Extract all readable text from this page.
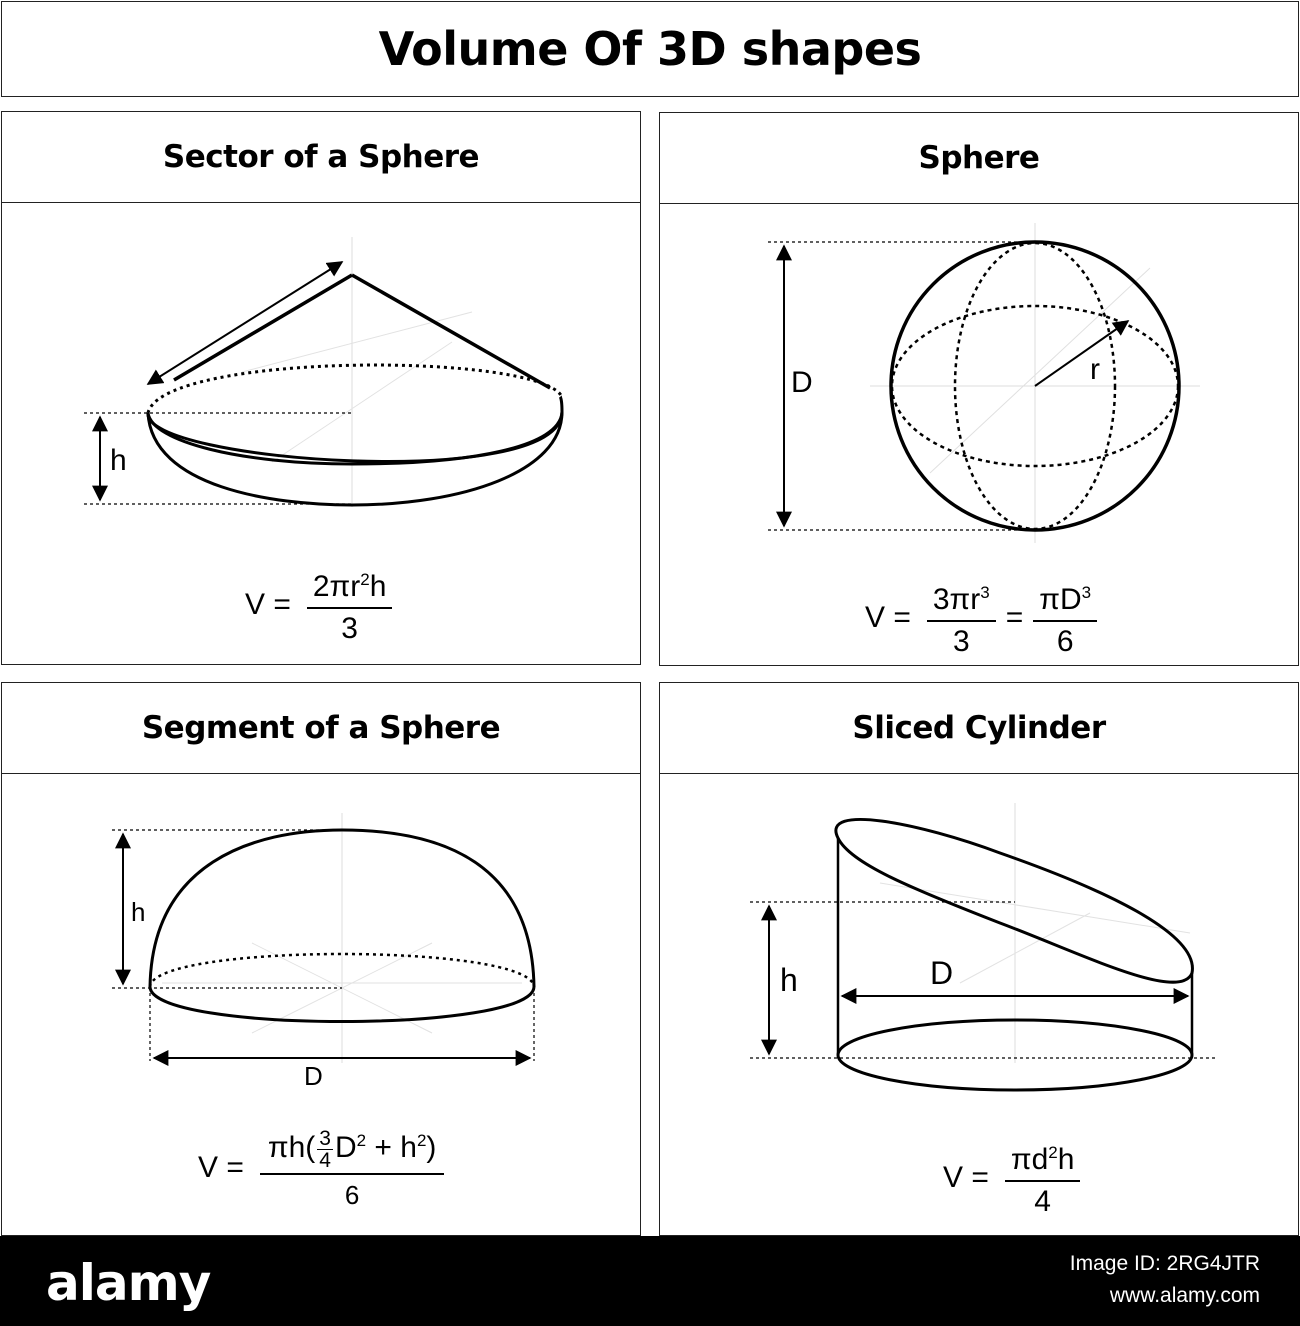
Volume Of 3D shapes
Sector of a Sphere
h
$V = \frac{2\pi r^2h}{3}$
Sphere
r
D
$V = \frac{3\pi r^3}{3} = \frac{\pi D^3}{6}$
Segment of a Sphere
h
D
$V = \frac{\pi h( \frac{3}{4} D^2 + h^2)}{6}$
Sliced Cylinder
h	D
$V = \frac{\pi d^2h}{4}$
alamy	Image ID: 2RG4JTR
www.alamy.com
